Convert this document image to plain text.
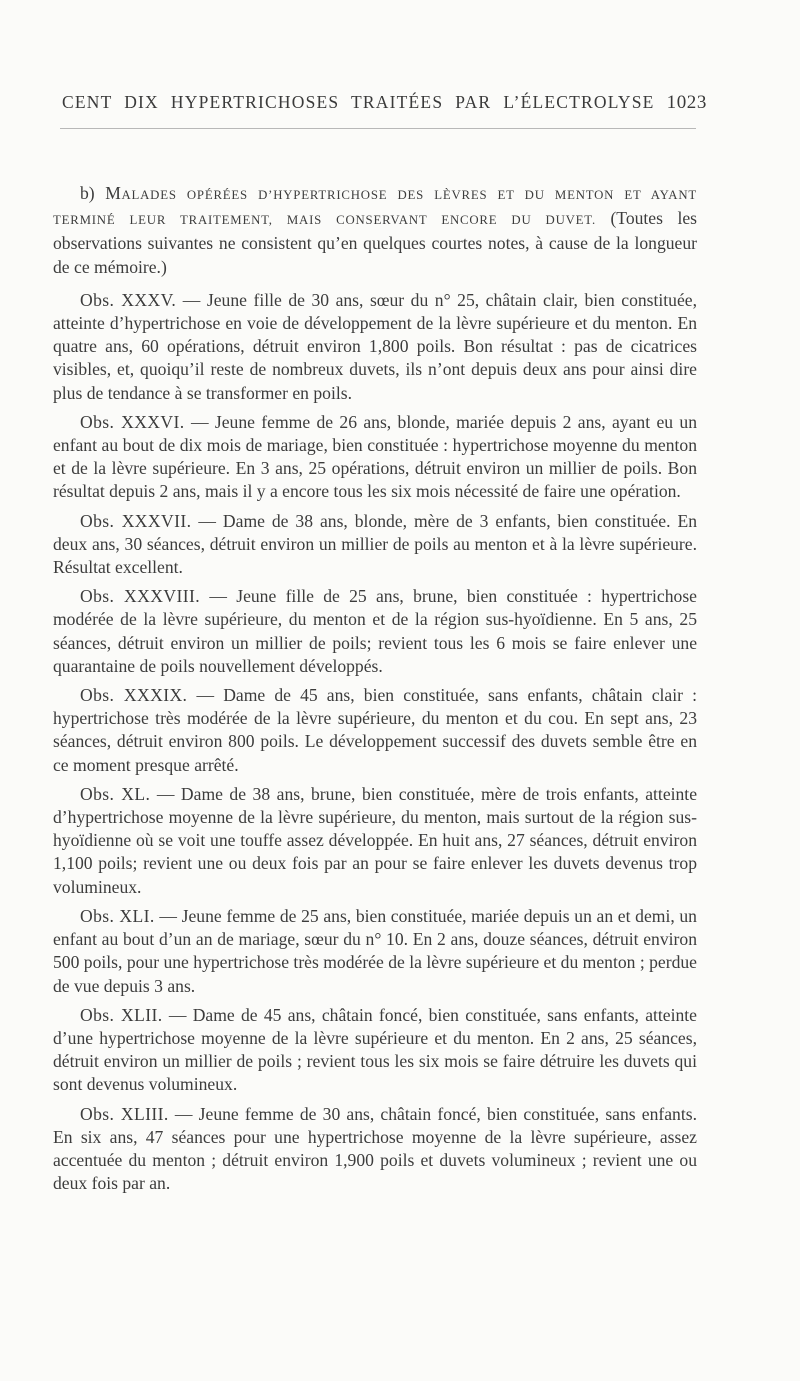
CENT DIX HYPERTRICHOSES TRAITÉES PAR L’ÉLECTROLYSE 1023

b) MALADES OPÉRÉES D’HYPERTRICHOSE DES LÈVRES ET DU MENTON ET AYANT TERMINÉ LEUR TRAITEMENT, MAIS CONSERVANT ENCORE DU DUVET. (Toutes les observations suivantes ne consistent qu’en quelques courtes notes, à cause de la longueur de ce mémoire.)

Obs. XXXV. — Jeune fille de 30 ans, sœur du n° 25, châtain clair, bien constituée, atteinte d’hypertrichose en voie de développement de la lèvre supérieure et du menton. En quatre ans, 60 opérations, détruit environ 1,800 poils. Bon résultat : pas de cicatrices visibles, et, quoiqu’il reste de nombreux duvets, ils n’ont depuis deux ans pour ainsi dire plus de tendance à se transformer en poils.

Obs. XXXVI. — Jeune femme de 26 ans, blonde, mariée depuis 2 ans, ayant eu un enfant au bout de dix mois de mariage, bien constituée : hypertrichose moyenne du menton et de la lèvre supérieure. En 3 ans, 25 opérations, détruit environ un millier de poils. Bon résultat depuis 2 ans, mais il y a encore tous les six mois nécessité de faire une opération.

Obs. XXXVII. — Dame de 38 ans, blonde, mère de 3 enfants, bien constituée. En deux ans, 30 séances, détruit environ un millier de poils au menton et à la lèvre supérieure. Résultat excellent.

Obs. XXXVIII. — Jeune fille de 25 ans, brune, bien constituée : hypertrichose modérée de la lèvre supérieure, du menton et de la région sus-hyoïdienne. En 5 ans, 25 séances, détruit environ un millier de poils; revient tous les 6 mois se faire enlever une quarantaine de poils nouvellement développés.

Obs. XXXIX. — Dame de 45 ans, bien constituée, sans enfants, châtain clair : hypertrichose très modérée de la lèvre supérieure, du menton et du cou. En sept ans, 23 séances, détruit environ 800 poils. Le développement successif des duvets semble être en ce moment presque arrêté.

Obs. XL. — Dame de 38 ans, brune, bien constituée, mère de trois enfants, atteinte d’hypertrichose moyenne de la lèvre supérieure, du menton, mais surtout de la région sus-hyoïdienne où se voit une touffe assez développée. En huit ans, 27 séances, détruit environ 1,100 poils; revient une ou deux fois par an pour se faire enlever les duvets devenus trop volumineux.

Obs. XLI. — Jeune femme de 25 ans, bien constituée, mariée depuis un an et demi, un enfant au bout d’un an de mariage, sœur du n° 10. En 2 ans, douze séances, détruit environ 500 poils, pour une hypertrichose très modérée de la lèvre supérieure et du menton ; perdue de vue depuis 3 ans.

Obs. XLII. — Dame de 45 ans, châtain foncé, bien constituée, sans enfants, atteinte d’une hypertrichose moyenne de la lèvre supérieure et du menton. En 2 ans, 25 séances, détruit environ un millier de poils ; revient tous les six mois se faire détruire les duvets qui sont devenus volumineux.

Obs. XLIII. — Jeune femme de 30 ans, châtain foncé, bien constituée, sans enfants. En six ans, 47 séances pour une hypertrichose moyenne de la lèvre supérieure, assez accentuée du menton ; détruit environ 1,900 poils et duvets volumineux ; revient une ou deux fois par an.
